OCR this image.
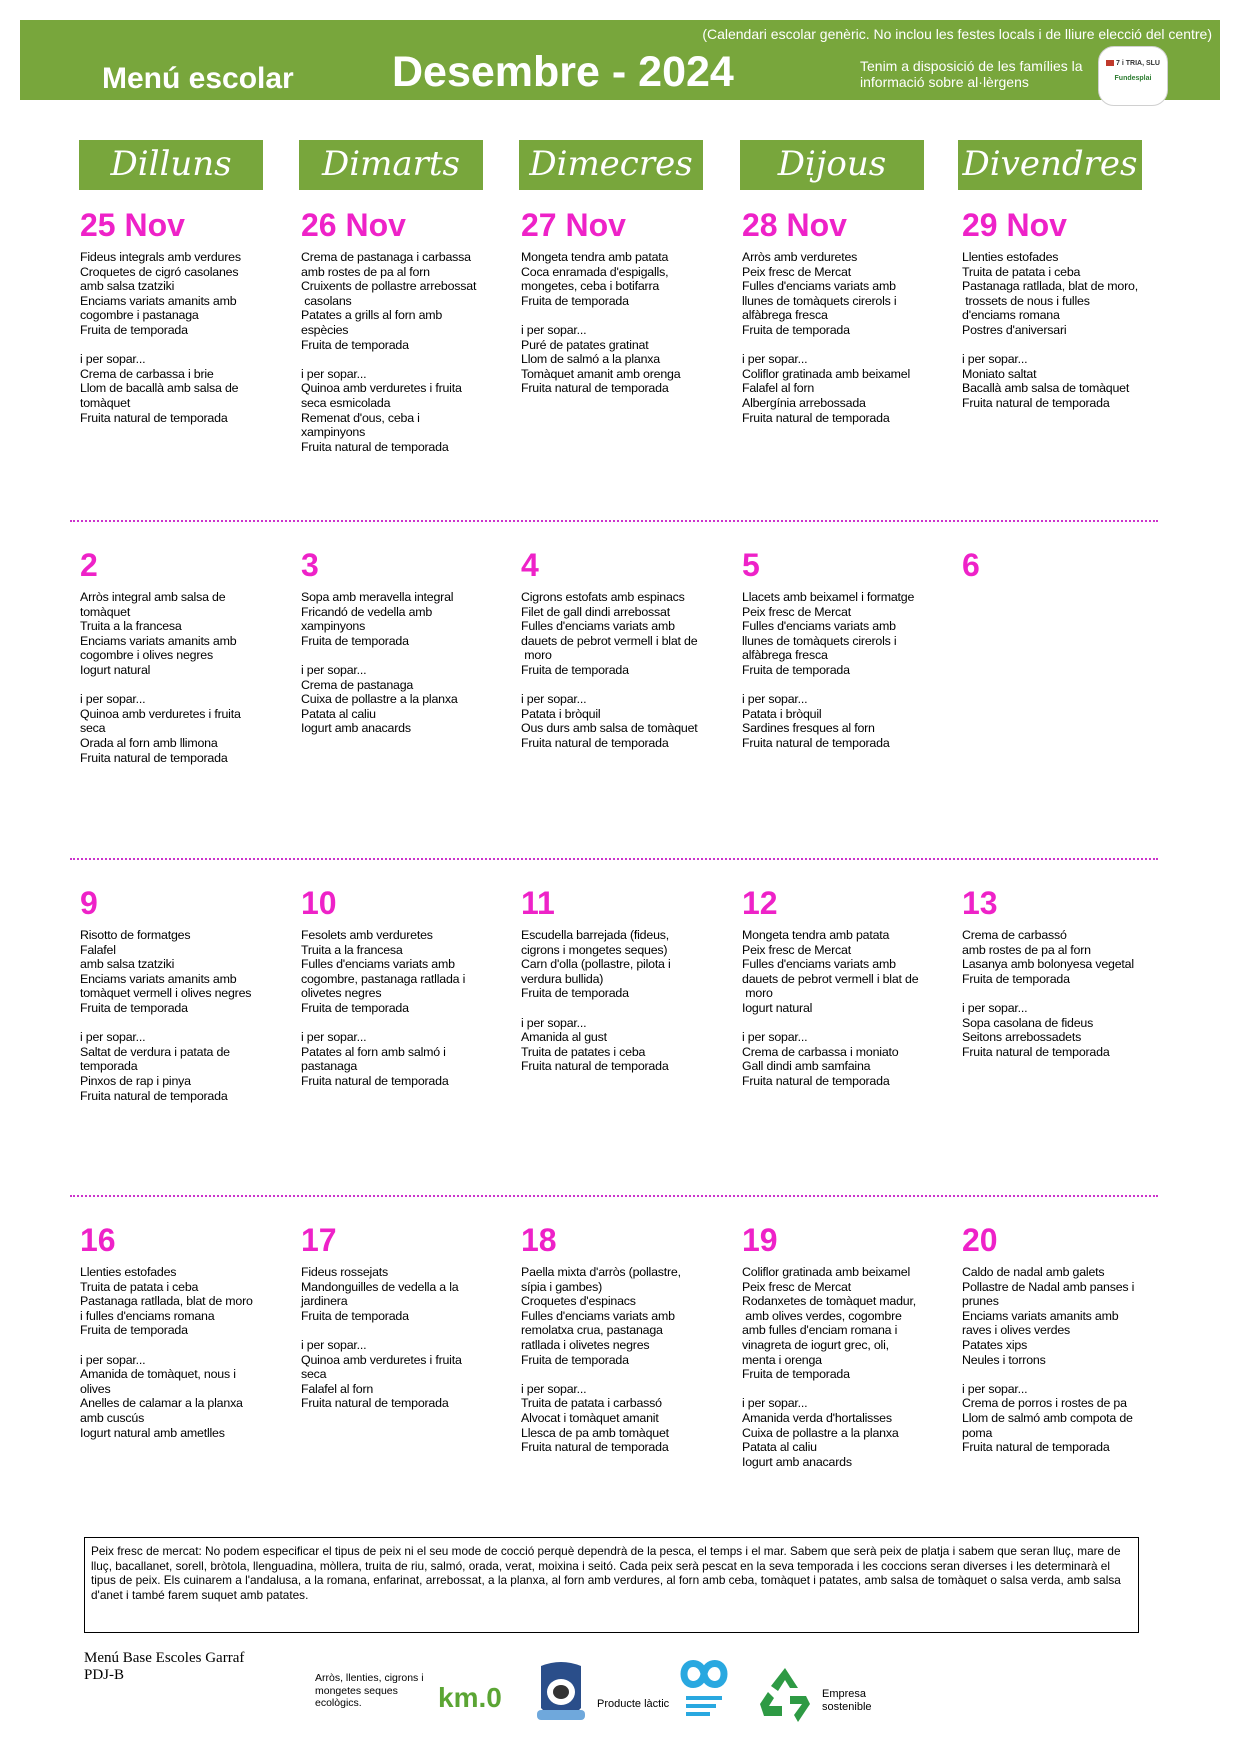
(Calendari escolar genèric. No inclou les festes locals i de lliure elecció del centre)
Menú escolar Desembre - 2024	Tenim a disposició de les famílies la informació sobre al·lèrgens
7 i TRIA, SLU
Fundesplai
Dilluns	Dimarts	Dimecres	Dijous	Divendres
25 Nov
Fideus integrals amb verdures
Croquetes de cigró casolanes
amb salsa tzatziki
Enciams variats amanits amb
cogombre i pastanaga
Fruita de temporada
i per sopar...
Crema de carbassa i brie
Llom de bacallà amb salsa de
tomàquet
Fruita natural de temporada
26 Nov
Crema de pastanaga i carbassa
amb rostes de pa al forn
Cruixents de pollastre arrebossat
casolans
Patates a grills al forn amb
espècies
Fruita de temporada
i per sopar...
Quinoa amb verduretes i fruita
seca esmicolada
Remenat d'ous, ceba i
xampinyons
Fruita natural de temporada
27 Nov
Mongeta tendra amb patata
Coca enramada d'espigalls,
mongetes, ceba i botifarra
Fruita de temporada
i per sopar...
Puré de patates gratinat
Llom de salmó a la planxa
Tomàquet amanit amb orenga
Fruita natural de temporada
28 Nov
Arròs amb verduretes
Peix fresc de Mercat
Fulles d'enciams variats amb
llunes de tomàquets cirerols i
alfàbrega fresca
Fruita de temporada
i per sopar...
Coliflor gratinada amb beixamel
Falafel al forn
Albergínia arrebossada
Fruita natural de temporada
29 Nov
Llenties estofades
Truita de patata i ceba
Pastanaga ratllada, blat de moro,
trossets de nous i fulles
d'enciams romana
Postres d'aniversari
i per sopar...
Moniato saltat
Bacallà amb salsa de tomàquet
Fruita natural de temporada
2
Arròs integral amb salsa de
tomàquet
Truita a la francesa
Enciams variats amanits amb
cogombre i olives negres
Iogurt natural
i per sopar...
Quinoa amb verduretes i fruita
seca
Orada al forn amb llimona
Fruita natural de temporada
3
Sopa amb meravella integral
Fricandó de vedella amb
xampinyons
Fruita de temporada
i per sopar...
Crema de pastanaga
Cuixa de pollastre a la planxa
Patata al caliu
Iogurt amb anacards
4
Cigrons estofats amb espinacs
Filet de gall dindi arrebossat
Fulles d'enciams variats amb
dauets de pebrot vermell i blat de
moro
Fruita de temporada
i per sopar...
Patata i bròquil
Ous durs amb salsa de tomàquet
Fruita natural de temporada
5
Llacets amb beixamel i formatge
Peix fresc de Mercat
Fulles d'enciams variats amb
llunes de tomàquets cirerols i
alfàbrega fresca
Fruita de temporada
i per sopar...
Patata i bròquil
Sardines fresques al forn
Fruita natural de temporada
6
9
Risotto de formatges
Falafel
amb salsa tzatziki
Enciams variats amanits amb
tomàquet vermell i olives negres
Fruita de temporada
i per sopar...
Saltat de verdura i patata de
temporada
Pinxos de rap i pinya
Fruita natural de temporada
10
Fesolets amb verduretes
Truita a la francesa
Fulles d'enciams variats amb
cogombre, pastanaga ratllada i
olivetes negres
Fruita de temporada
i per sopar...
Patates al forn amb salmó i
pastanaga
Fruita natural de temporada
11
Escudella barrejada (fideus,
cigrons i mongetes seques)
Carn d'olla (pollastre, pilota i
verdura bullida)
Fruita de temporada
i per sopar...
Amanida al gust
Truita de patates i ceba
Fruita natural de temporada
12
Mongeta tendra amb patata
Peix fresc de Mercat
Fulles d'enciams variats amb
dauets de pebrot vermell i blat de
moro
Iogurt natural
i per sopar...
Crema de carbassa i moniato
Gall dindi amb samfaina
Fruita natural de temporada
13
Crema de carbassó
amb rostes de pa al forn
Lasanya amb bolonyesa vegetal
Fruita de temporada
i per sopar...
Sopa casolana de fideus
Seitons arrebossadets
Fruita natural de temporada
16
Llenties estofades
Truita de patata i ceba
Pastanaga ratllada, blat de moro
i fulles d'enciams romana
Fruita de temporada
i per sopar...
Amanida de tomàquet, nous i
olives
Anelles de calamar a la planxa
amb cuscús
Iogurt natural amb ametlles
17
Fideus rossejats
Mandonguilles de vedella a la
jardinera
Fruita de temporada
i per sopar...
Quinoa amb verduretes i fruita
seca
Falafel al forn
Fruita natural de temporada
18
Paella mixta d'arròs (pollastre,
sípia i gambes)
Croquetes d'espinacs
Fulles d'enciams variats amb
remolatxa crua, pastanaga
ratllada i olivetes negres
Fruita de temporada
i per sopar...
Truita de patata i carbassó
Alvocat i tomàquet amanit
Llesca de pa amb tomàquet
Fruita natural de temporada
19
Coliflor gratinada amb beixamel
Peix fresc de Mercat
Rodanxetes de tomàquet madur,
amb olives verdes, cogombre
amb fulles d'enciam romana i
vinagreta de iogurt grec, oli,
menta i orenga
Fruita de temporada
i per sopar...
Amanida verda d'hortalisses
Cuixa de pollastre a la planxa
Patata al caliu
Iogurt amb anacards
20
Caldo de nadal amb galets
Pollastre de Nadal amb panses i
prunes
Enciams variats amanits amb
raves i olives verdes
Patates xips
Neules i torrons
i per sopar...
Crema de porros i rostes de pa
Llom de salmó amb compota de
poma
Fruita natural de temporada
Peix fresc de mercat: No podem especificar el tipus de peix ni el seu mode de cocció perquè dependrà de la pesca, el temps i el mar. Sabem que serà peix de platja i sabem que seran lluç, mare de lluç, bacallanet, sorell, bròtola, llenguadina, mòllera, truita de riu, salmó, orada, verat, moixina i seitó. Cada peix serà pescat en la seva temporada i les coccions seran diverses i les determinarà el tipus de peix. Els cuinarem a l'andalusa, a la romana, enfarinat, arrebossat, a la planxa, al forn amb verdures, al forn amb ceba, tomàquet i patates, amb salsa de tomàquet o salsa verda, amb salsa d'anet i també farem suquet amb patates.
Menú Base Escoles Garraf
PDJ-B	Arròs, llenties, cigrons i mongetes seques ecològics.	km.0	Producte làctic
Empresa
sostenible
